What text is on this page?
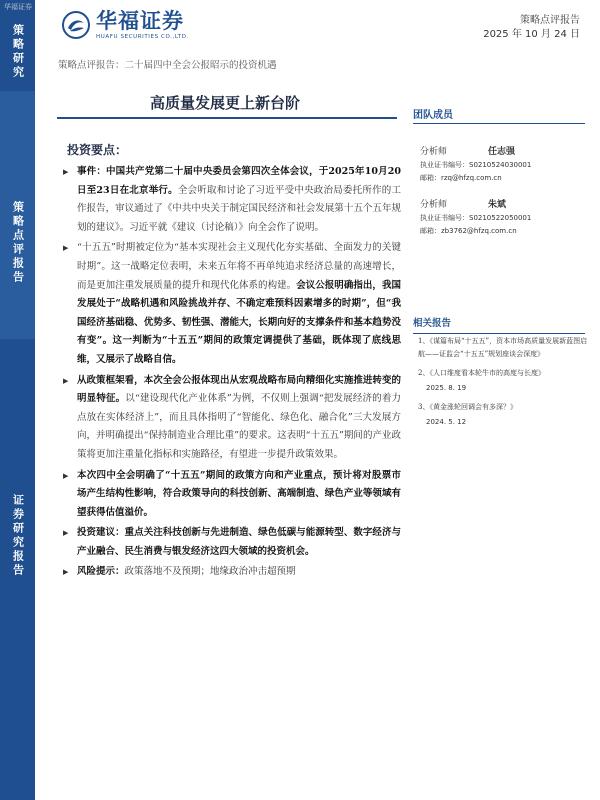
策略研究
策略点评报告
证券研究报告
华福证券
华福证券
HUAFU SECURITIES CO.,LTD.
策略点评报告
2025 年 10 月 24 日
策略点评报告：二十届四中全会公报昭示的投资机遇
高质量发展更上新台阶
投资要点：
▶ 事件：中国共产党第二十届中央委员会第四次全体会议，于2025年10月20日至23日在北京举行。全会听取和讨论了习近平受中央政治局委托所作的工作报告，审议通过了《中共中央关于制定国民经济和社会发展第十五个五年规划的建议》。习近平就《建议（讨论稿）》向全会作了说明。
▶ “十五五”时期被定位为“基本实现社会主义现代化夯实基础、全面发力的关键时期”。这一战略定位表明，未来五年将不再单纯追求经济总量的高速增长，而是更加注重发展质量的提升和现代化体系的构建。会议公报明确指出，我国发展处于“战略机遇和风险挑战并存、不确定难预料因素增多的时期”，但“我国经济基础稳、优势多、韧性强、潜能大，长期向好的支撑条件和基本趋势没有变”。这一判断为“十五五”期间的政策定调提供了基础，既体现了底线思维，又展示了战略自信。
▶ 从政策框架看，本次全会公报体现出从宏观战略布局向精细化实施推进转变的明显特征。以“建设现代化产业体系”为例，不仅则上强调“把发展经济的着力点放在实体经济上”，而且具体指明了“智能化、绿色化、融合化”三大发展方向，并明确提出“保持制造业合理比重”的要求。这表明“十五五”期间的产业政策将更加注重量化指标和实施路径，有望进一步提升政策效果。
▶ 本次四中全会明确了“十五五”期间的政策方向和产业重点，预计将对股票市场产生结构性影响，符合政策导向的科技创新、高端制造、绿色产业等领域有望获得估值溢价。
▶ 投资建议：重点关注科技创新与先进制造、绿色低碳与能源转型、数字经济与产业融合、民生消费与银发经济这四大领域的投资机会。
▶ 风险提示：政策落地不及预期；地缘政治冲击超预期
团队成员
分析师	任志强
执业证书编号：S0210524030001
邮箱：rzq@hfzq.com.cn
分析师	朱斌
执业证书编号：S0210522050001
邮箱：zb3762@hfzq.com.cn
相关报告
1、《谋篇布局“十五五”，资本市场高质量发展新蓝图启航——证监会“十五五”规划座谈会深度》
2、《人口维度看本轮牛市的高度与长度》
2025. 8. 19
3、《黄金涨轮回调会有多深？》
2024. 5. 12
